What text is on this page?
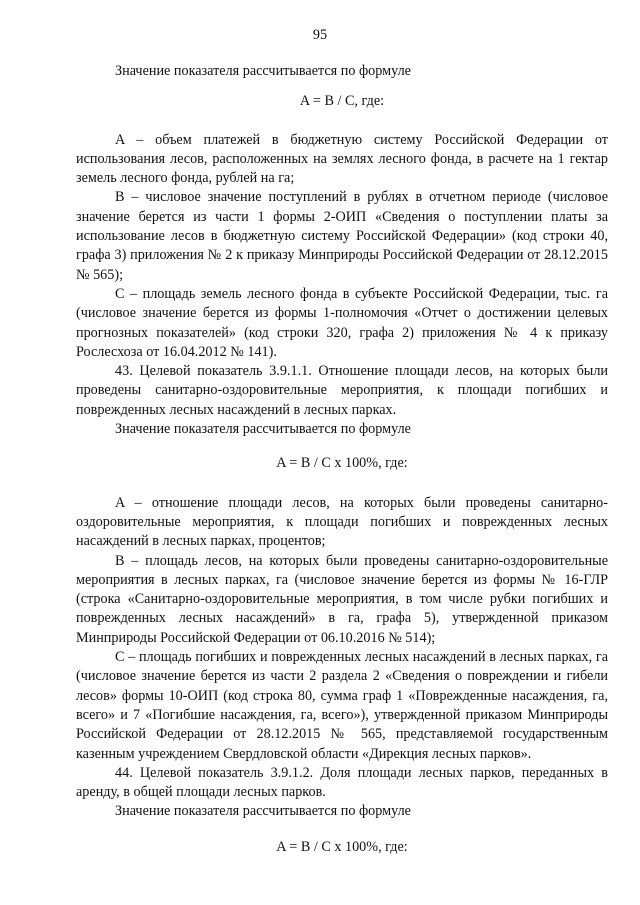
95

Значение показателя рассчитывается по формуле

A = B / C, где:

A – объем платежей в бюджетную систему Российской Федерации от использования лесов, расположенных на землях лесного фонда, в расчете на 1 гектар земель лесного фонда, рублей на га;

B – числовое значение поступлений в рублях в отчетном периоде (числовое значение берется из части 1 формы 2-ОИП «Сведения о поступлении платы за использование лесов в бюджетную систему Российской Федерации» (код строки 40, графа 3) приложения № 2 к приказу Минприроды Российской Федерации от 28.12.2015 № 565);

C – площадь земель лесного фонда в субъекте Российской Федерации, тыс. га (числовое значение берется из формы 1-полномочия «Отчет о достижении целевых прогнозных показателей» (код строки 320, графа 2) приложения № 4 к приказу Рослесхоза от 16.04.2012 № 141).

43. Целевой показатель 3.9.1.1. Отношение площади лесов, на которых были проведены санитарно-оздоровительные мероприятия, к площади погибших и поврежденных лесных насаждений в лесных парках.

Значение показателя рассчитывается по формуле

A = B / C x 100%, где:

A – отношение площади лесов, на которых были проведены санитарно-оздоровительные мероприятия, к площади погибших и поврежденных лесных насаждений в лесных парках, процентов;

B – площадь лесов, на которых были проведены санитарно-оздоровительные мероприятия в лесных парках, га (числовое значение берется из формы № 16-ГЛР (строка «Санитарно-оздоровительные мероприятия, в том числе рубки погибших и поврежденных лесных насаждений» в га, графа 5), утвержденной приказом Минприроды Российской Федерации от 06.10.2016 № 514);

C – площадь погибших и поврежденных лесных насаждений в лесных парках, га (числовое значение берется из части 2 раздела 2 «Сведения о повреждении и гибели лесов» формы 10-ОИП (код строка 80, сумма граф 1 «Поврежденные насаждения, га, всего» и 7 «Погибшие насаждения, га, всего»), утвержденной приказом Минприроды Российской Федерации от 28.12.2015 № 565, представляемой государственным казенным учреждением Свердловской области «Дирекция лесных парков».

44. Целевой показатель 3.9.1.2. Доля площади лесных парков, переданных в аренду, в общей площади лесных парков.

Значение показателя рассчитывается по формуле

A = B / C x 100%, где:
